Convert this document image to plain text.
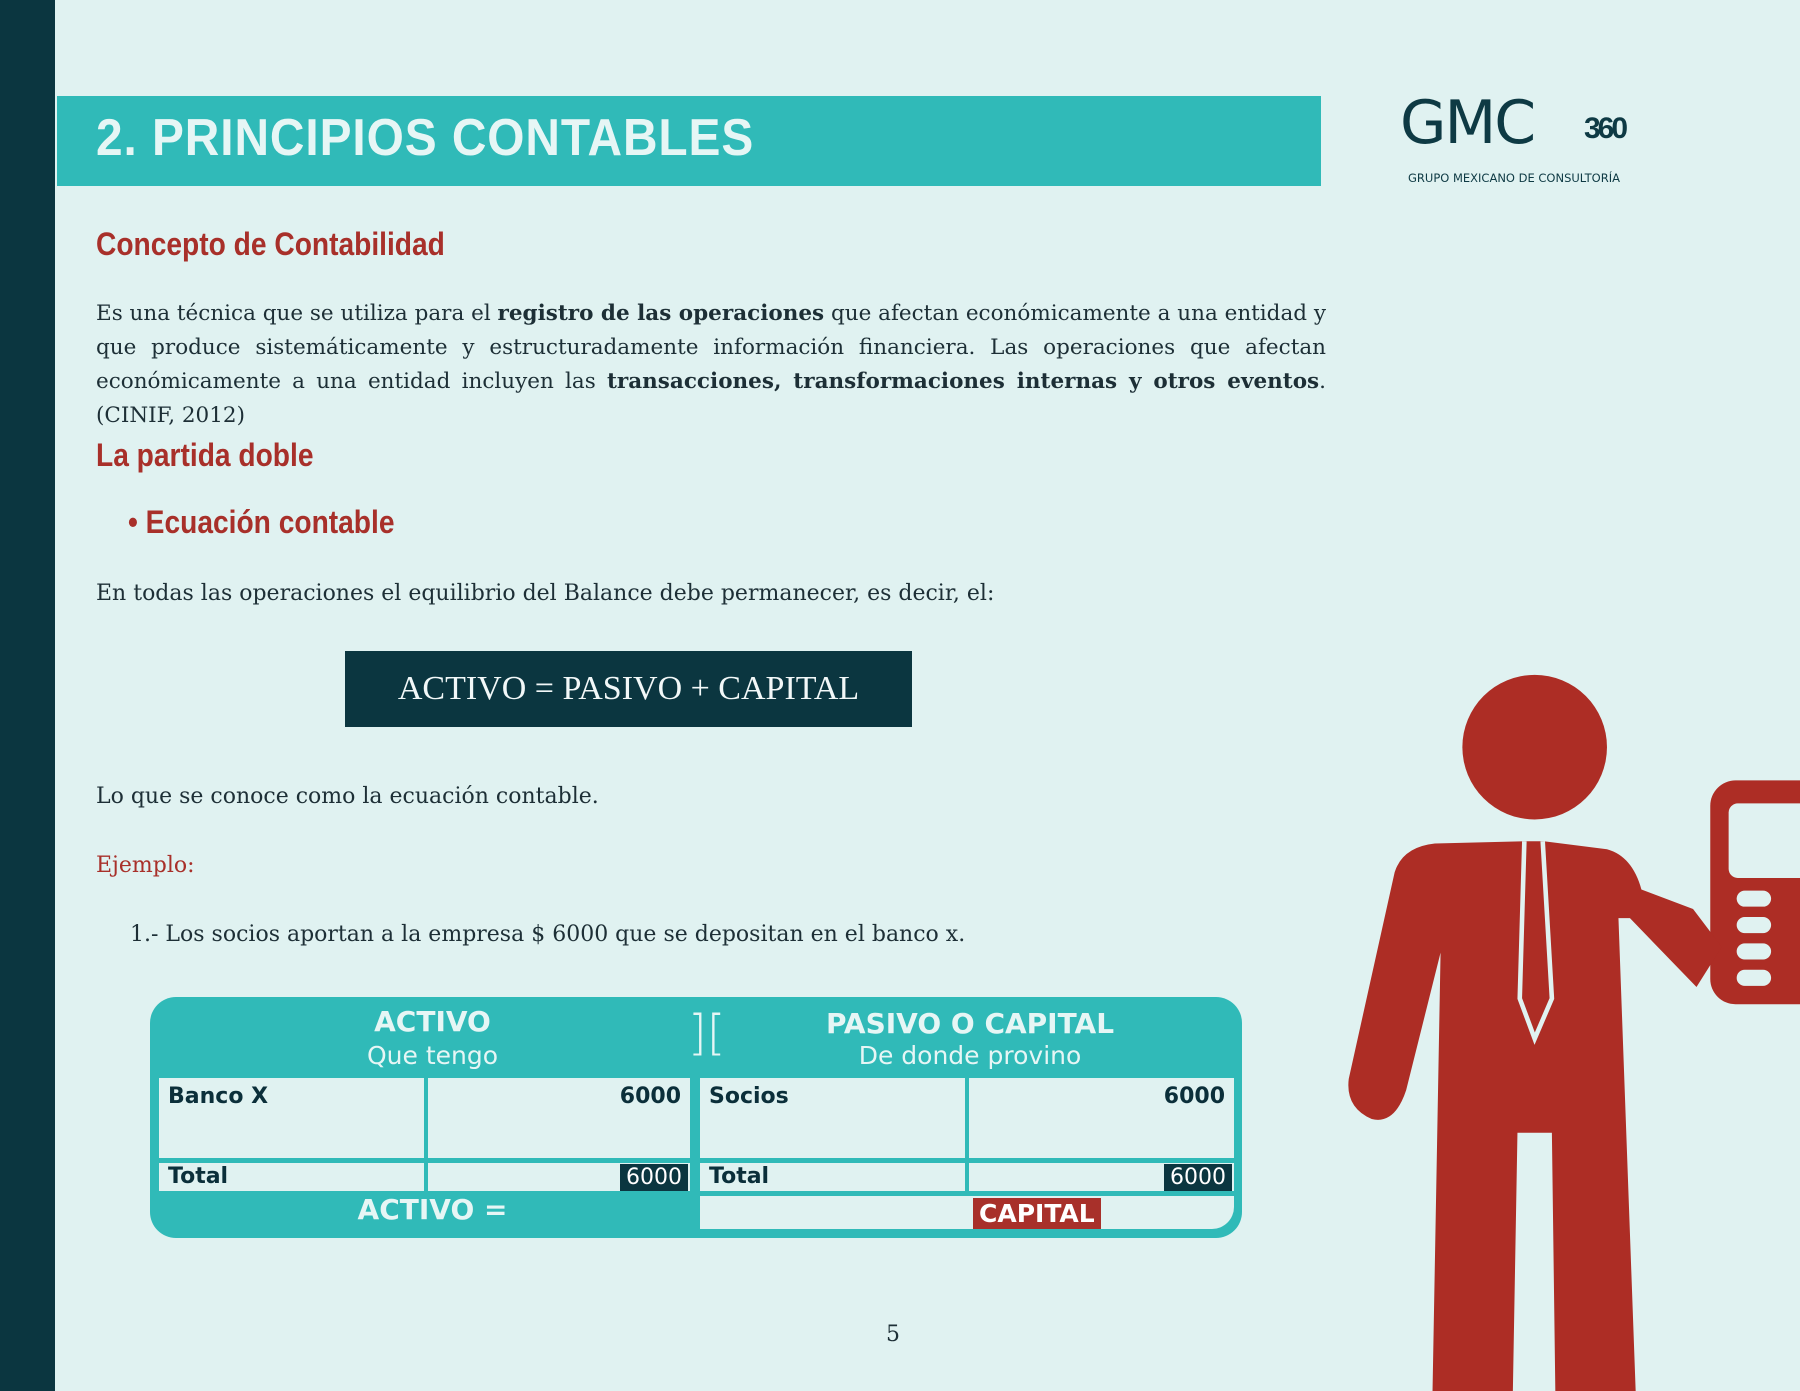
2. PRINCIPIOS CONTABLES	GMC 360
GRUPO MEXICANO DE CONSULTORÍA
Concepto de Contabilidad
Es una técnica que se utiliza para el registro de las operaciones que afectan económicamente a una entidad y que produce sistemáticamente y estructuradamente información financiera. Las operaciones que afectan económicamente a una entidad incluyen las transacciones, transformaciones internas y otros eventos. (CINIF, 2012)
La partida doble
• Ecuación contable
En todas las operaciones el equilibrio del Balance debe permanecer, es decir, el:
ACTIVO = PASIVO + CAPITAL
Lo que se conoce como la ecuación contable.
Ejemplo:
1.- Los socios aportan a la empresa $ 6000 que se depositan en el banco x.
ACTIVO
Que tengo	][	PASIVO O CAPITAL
De donde provino
Banco X	6000	Socios	6000
Total	6000	Total	6000
ACTIVO =	CAPITAL
5
